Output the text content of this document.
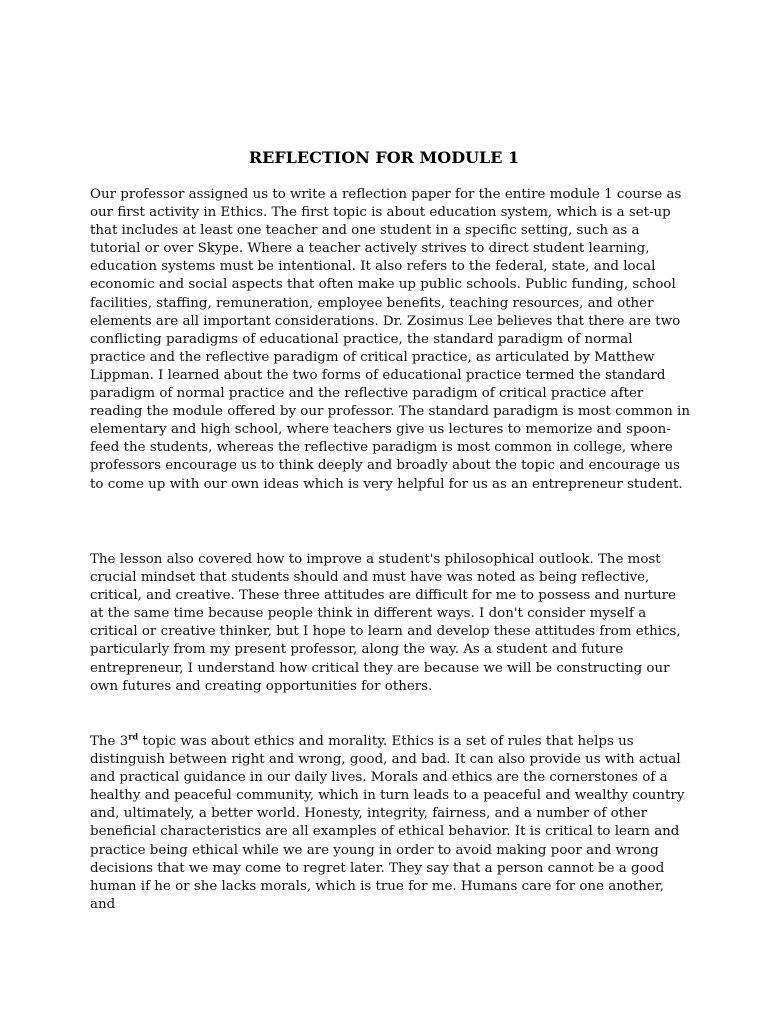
REFLECTION FOR MODULE 1

Our professor assigned us to write a reflection paper for the entire module 1 course as our first activity in Ethics. The first topic is about education system, which is a set-up that includes at least one teacher and one student in a specific setting, such as a tutorial or over Skype. Where a teacher actively strives to direct student learning, education systems must be intentional. It also refers to the federal, state, and local economic and social aspects that often make up public schools. Public funding, school facilities, staffing, remuneration, employee benefits, teaching resources, and other elements are all important considerations. Dr. Zosimus Lee believes that there are two conflicting paradigms of educational practice, the standard paradigm of normal practice and the reflective paradigm of critical practice, as articulated by Matthew Lippman. I learned about the two forms of educational practice termed the standard paradigm of normal practice and the reflective paradigm of critical practice after reading the module offered by our professor. The standard paradigm is most common in elementary and high school, where teachers give us lectures to memorize and spoon-feed the students, whereas the reflective paradigm is most common in college, where professors encourage us to think deeply and broadly about the topic and encourage us to come up with our own ideas which is very helpful for us as an entrepreneur student.

The lesson also covered how to improve a student's philosophical outlook. The most crucial mindset that students should and must have was noted as being reflective, critical, and creative. These three attitudes are difficult for me to possess and nurture at the same time because people think in different ways. I don't consider myself a critical or creative thinker, but I hope to learn and develop these attitudes from ethics, particularly from my present professor, along the way. As a student and future entrepreneur, I understand how critical they are because we will be constructing our own futures and creating opportunities for others.

The 3rd topic was about ethics and morality. Ethics is a set of rules that helps us distinguish between right and wrong, good, and bad. It can also provide us with actual and practical guidance in our daily lives. Morals and ethics are the cornerstones of a healthy and peaceful community, which in turn leads to a peaceful and wealthy country and, ultimately, a better world. Honesty, integrity, fairness, and a number of other beneficial characteristics are all examples of ethical behavior. It is critical to learn and practice being ethical while we are young in order to avoid making poor and wrong decisions that we may come to regret later. They say that a person cannot be a good human if he or she lacks morals, which is true for me. Humans care for one another, and
